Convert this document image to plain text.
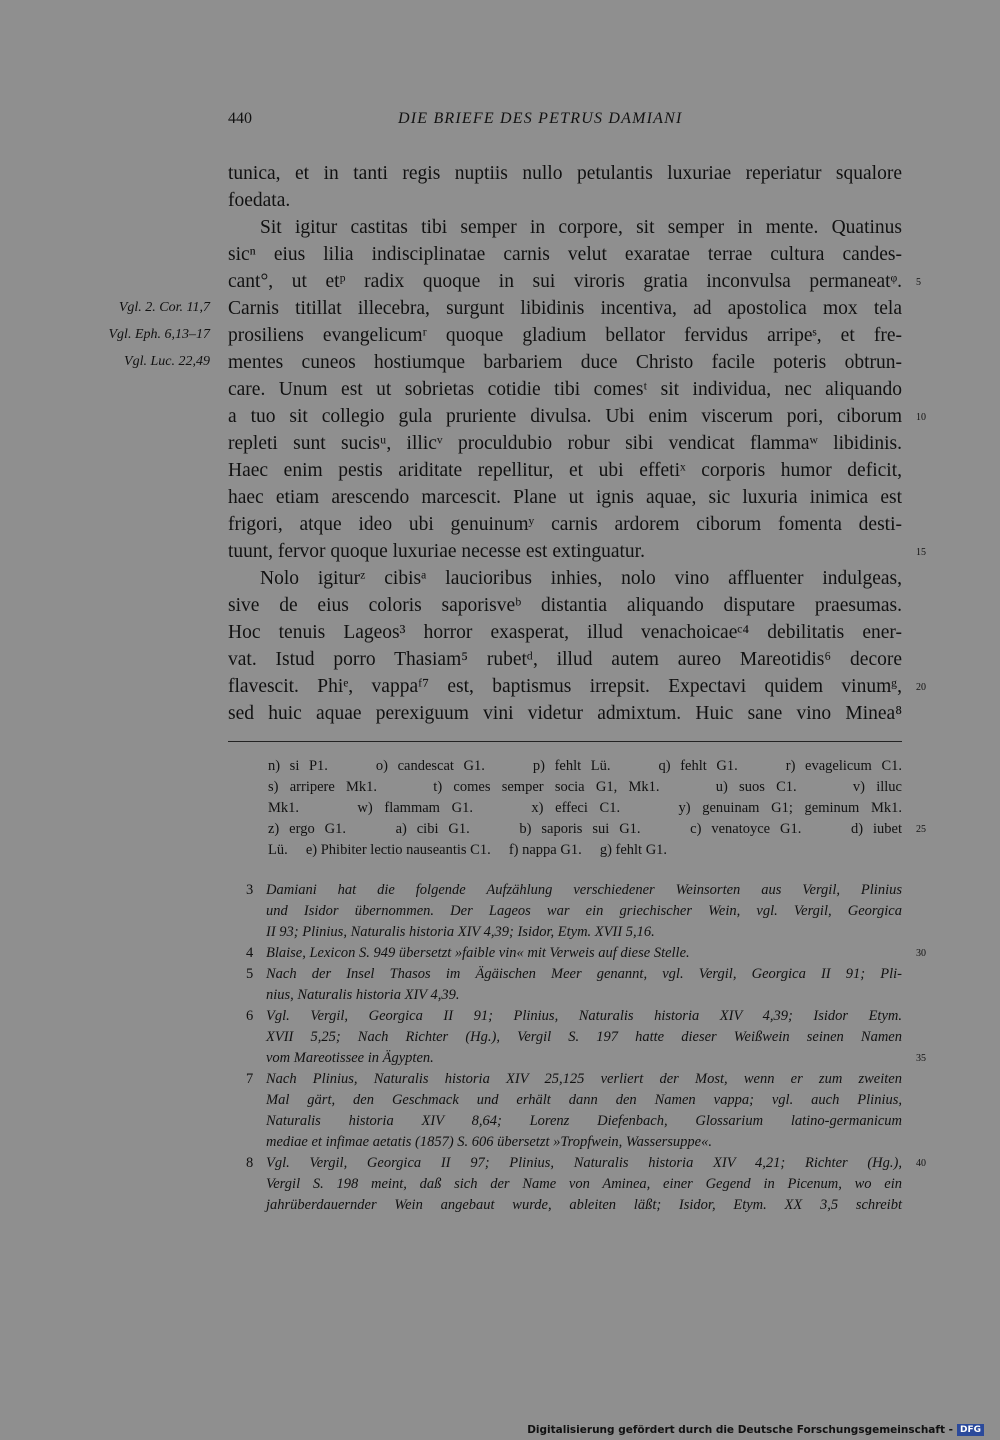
440	DIE BRIEFE DES PETRUS DAMIANI
tunica, et in tanti regis nuptiis nullo petulantis luxuriae reperiatur squalore
foedata.
Sit igitur castitas tibi semper in corpore, sit semper in mente. Quatinus
sicⁿ eius lilia indisciplinatae carnis velut exaratae terrae cultura candes-
cant°, ut etᵖ radix quoque in sui viroris gratia inconvulsa permaneatᵠ. 5
Carnis titillat illecebra, surgunt libidinis incentiva, ad apostolica mox tela
prosiliens evangelicumʳ quoque gladium bellator fervidus arripeˢ, et fre-
mentes cuneos hostiumque barbariem duce Christo facile poteris obtrun-
care. Unum est ut sobrietas cotidie tibi comesᵗ sit individua, nec aliquando
a tuo sit collegio gula pruriente divulsa. Ubi enim viscerum pori, ciborum 10
repleti sunt sucisᵘ, illicᵛ proculdubio robur sibi vendicat flammaʷ libidinis.
Haec enim pestis ariditate repellitur, et ubi effetiˣ corporis humor deficit,
haec etiam arescendo marcescit. Plane ut ignis aquae, sic luxuria inimica est
frigori, atque ideo ubi genuinumʸ carnis ardorem ciborum fomenta desti-
tuunt, fervor quoque luxuriae necesse est extinguatur.	15
Nolo igiturᶻ cibisᵃ laucioribus inhies, nolo vino affluenter indulgeas,
sive de eius coloris saporisveᵇ distantia aliquando disputare praesumas.
Hoc tenuis Lageos³ horror exasperat, illud venachoicaeᶜ⁴ debilitatis ener-
vat. Istud porro Thasiam⁵ rubetᵈ, illud autem aureo Mareotidis⁶ decore
flavescit. Phiᵉ, vappaᶠ⁷ est, baptismus irrepsit. Expectavi quidem vinumᵍ, 20
sed huic aquae perexiguum vini videtur admixtum. Huic sane vino Minea⁸
Vgl. 2. Cor. 11,7
Vgl. Eph. 6,13–17
Vgl. Luc. 22,49
n) si P1.     o) candescat G1.     p) fehlt Lü.     q) fehlt G1.     r) evagelicum C1.
s) arripere Mk1.     t) comes semper socia G1, Mk1.     u) suos C1.     v) illuc
Mk1.     w) flammam G1.     x) effeci C1.     y) genuinam G1; geminum Mk1.
z) ergo G1.     a) cibi G1.     b) saporis sui G1.     c) venatoyce G1.     d) iubet 25
Lü.     e) Phibiter lectio nauseantis C1.     f) nappa G1.     g) fehlt G1.
3 Damiani hat die folgende Aufzählung verschiedener Weinsorten aus Vergil, Plinius
und Isidor übernommen. Der Lageos war ein griechischer Wein, vgl. Vergil, Georgica
II 93; Plinius, Naturalis historia XIV 4,39; Isidor, Etym. XVII 5,16.
4 Blaise, Lexicon S. 949 übersetzt »faible vin« mit Verweis auf diese Stelle.	30
5 Nach der Insel Thasos im Ägäischen Meer genannt, vgl. Vergil, Georgica II 91; Pli-
nius, Naturalis historia XIV 4,39.
6 Vgl. Vergil, Georgica II 91; Plinius, Naturalis historia XIV 4,39; Isidor Etym.
XVII 5,25; Nach Richter (Hg.), Vergil S. 197 hatte dieser Weißwein seinen Namen
vom Mareotissee in Ägypten.	35
7 Nach Plinius, Naturalis historia XIV 25,125 verliert der Most, wenn er zum zweiten
Mal gärt, den Geschmack und erhält dann den Namen vappa; vgl. auch Plinius,
Naturalis historia XIV 8,64; Lorenz Diefenbach, Glossarium latino-germanicum
mediae et infimae aetatis (1857) S. 606 übersetzt »Tropfwein, Wassersuppe«.
8 Vgl. Vergil, Georgica II 97; Plinius, Naturalis historia XIV 4,21; Richter (Hg.), 40
Vergil S. 198 meint, daß sich der Name von Aminea, einer Gegend in Picenum, wo ein
jahrüberdauernder Wein angebaut wurde, ableiten läßt; Isidor, Etym. XX 3,5 schreibt
Digitalisierung gefördert durch die Deutsche Forschungsgemeinschaft - DFG
